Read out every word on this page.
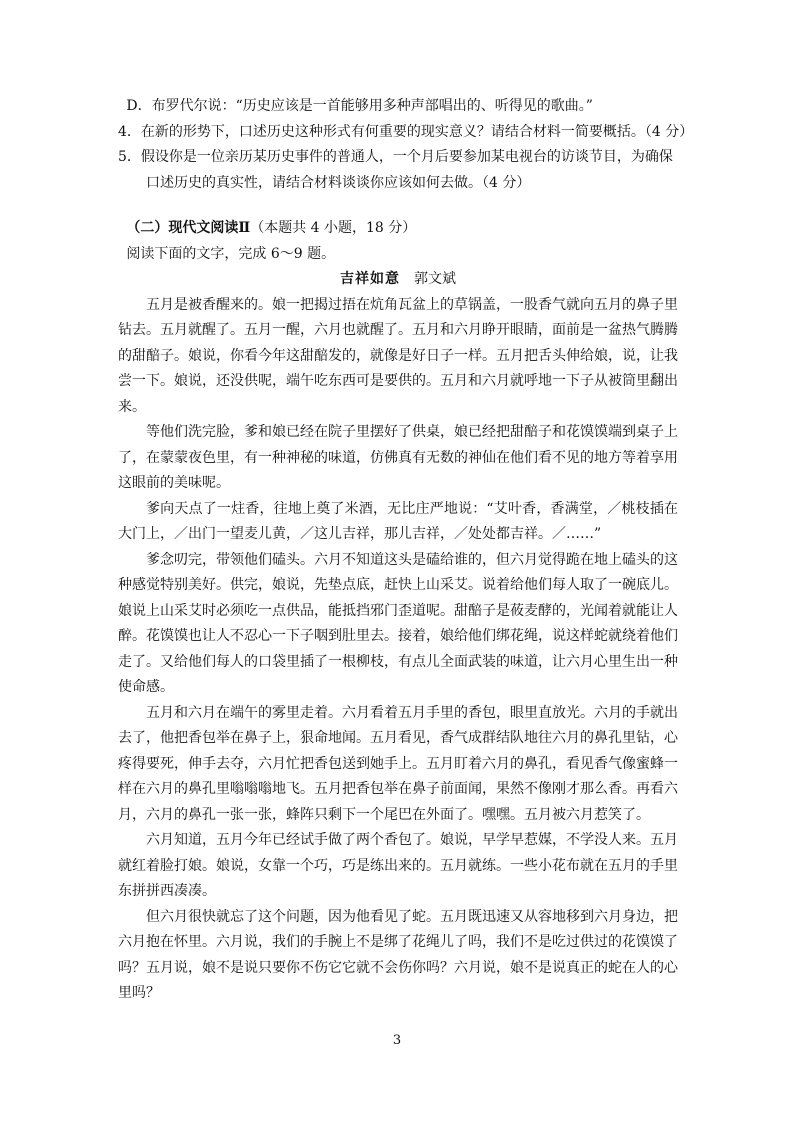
D．布罗代尔说：“历史应该是一首能够用多种声部唱出的、听得见的歌曲。”
4．在新的形势下，口述历史这种形式有何重要的现实意义？请结合材料一简要概括。（4 分）
5．假设你是一位亲历某历史事件的普通人，一个月后要参加某电视台的访谈节目，为确保
口述历史的真实性，请结合材料谈谈你应该如何去做。（4 分）
（二）现代文阅读Ⅱ（本题共 4 小题，18 分）
阅读下面的文字，完成 6～9 题。
吉祥如意 郭文斌

五月是被香醒来的。娘一把揭过捂在炕角瓦盆上的草锅盖，一股香气就向五月的鼻子里钻去。五月就醒了。五月一醒，六月也就醒了。五月和六月睁开眼睛，面前是一盆热气腾腾的甜醅子。娘说，你看今年这甜醅发的，就像是好日子一样。五月把舌头伸给娘，说，让我尝一下。娘说，还没供呢，端午吃东西可是要供的。五月和六月就呼地一下子从被筒里翻出来。

等他们洗完脸，爹和娘已经在院子里摆好了供桌，娘已经把甜醅子和花馍馍端到桌子上了，在蒙蒙夜色里，有一种神秘的味道，仿佛真有无数的神仙在他们看不见的地方等着享用这眼前的美味呢。

爹向天点了一炷香，往地上奠了米酒，无比庄严地说：“艾叶香，香满堂，／桃枝插在大门上，／出门一望麦儿黄，／这儿吉祥，那儿吉祥，／处处都吉祥。／……”

爹念叨完，带领他们磕头。六月不知道这头是磕给谁的，但六月觉得跪在地上磕头的这种感觉特别美好。供完，娘说，先垫点底，赶快上山采艾。说着给他们每人取了一碗底儿。娘说上山采艾时必须吃一点供品，能抵挡邪门歪道呢。甜醅子是莜麦酵的，光闻着就能让人醉。花馍馍也让人不忍心一下子咽到肚里去。接着，娘给他们绑花绳，说这样蛇就绕着他们走了。又给他们每人的口袋里插了一根柳枝，有点儿全面武装的味道，让六月心里生出一种使命感。

五月和六月在端午的雾里走着。六月看着五月手里的香包，眼里直放光。六月的手就出去了，他把香包举在鼻子上，狠命地闻。五月看见，香气成群结队地往六月的鼻孔里钻，心疼得要死，伸手去夺，六月忙把香包送到她手上。五月盯着六月的鼻孔，看见香气像蜜蜂一样在六月的鼻孔里嗡嗡嗡地飞。五月把香包举在鼻子前面闻，果然不像刚才那么香。再看六月，六月的鼻孔一张一张，蜂阵只剩下一个尾巴在外面了。嘿嘿。五月被六月惹笑了。

六月知道，五月今年已经试手做了两个香包了。娘说，早学早惹媒，不学没人来。五月就红着脸打娘。娘说，女靠一个巧，巧是练出来的。五月就练。一些小花布就在五月的手里东拼拼西凑凑。

但六月很快就忘了这个问题，因为他看见了蛇。五月既迅速又从容地移到六月身边，把六月抱在怀里。六月说，我们的手腕上不是绑了花绳儿了吗，我们不是吃过供过的花馍馍了吗？五月说，娘不是说只要你不伤它它就不会伤你吗？六月说，娘不是说真正的蛇在人的心里吗？

3
